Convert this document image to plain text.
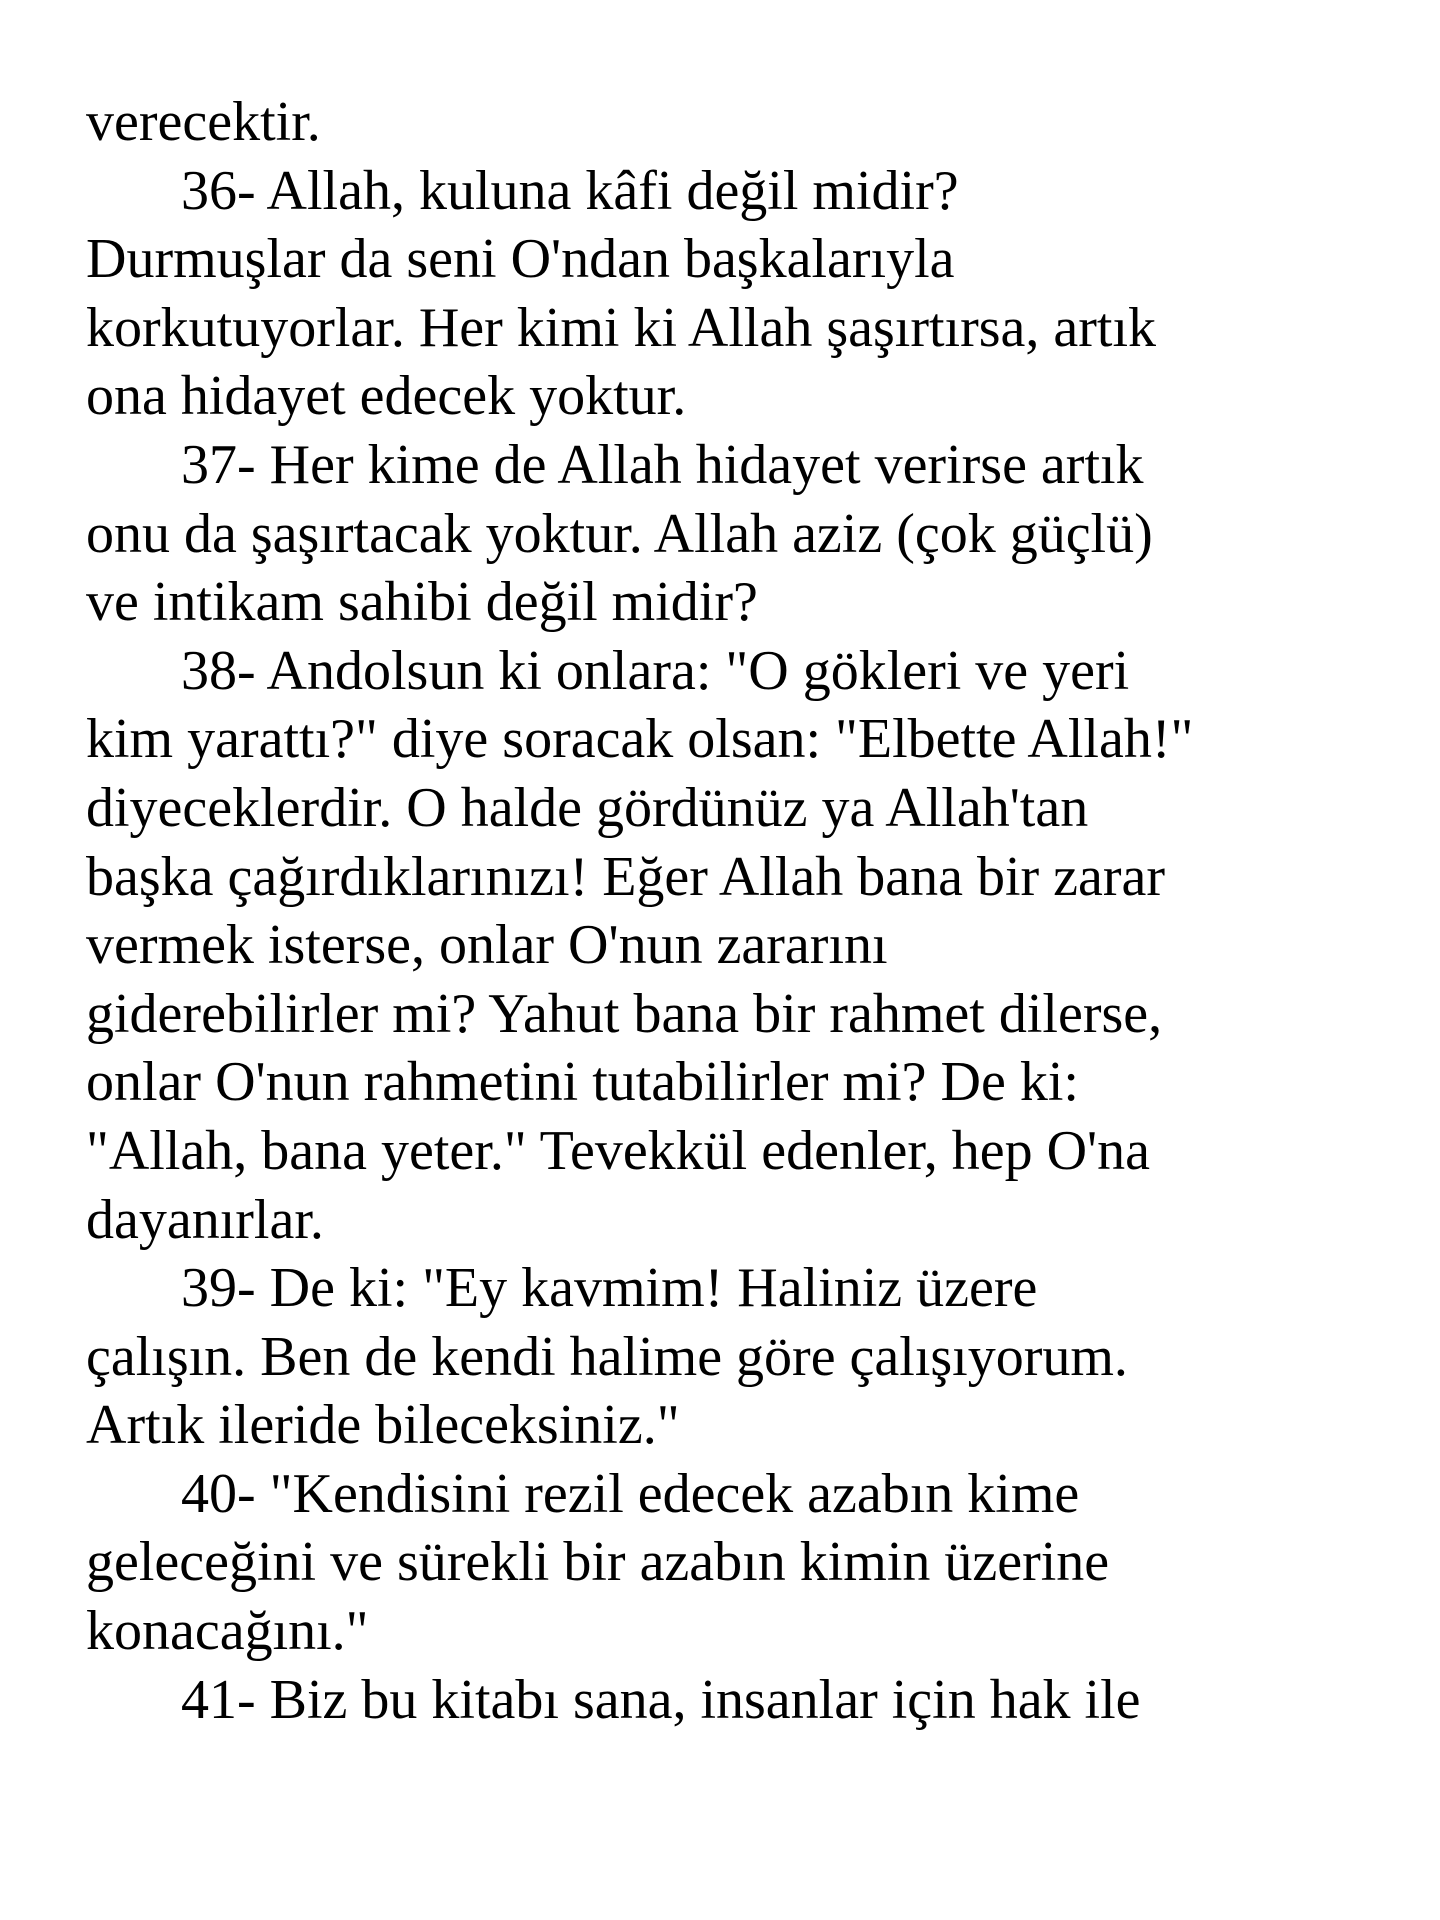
verecektir.
36- Allah, kuluna kâfi değil midir?
Durmuşlar da seni O'ndan başkalarıyla
korkutuyorlar. Her kimi ki Allah şaşırtırsa, artık
ona hidayet edecek yoktur.
37- Her kime de Allah hidayet verirse artık
onu da şaşırtacak yoktur. Allah aziz (çok güçlü)
ve intikam sahibi değil midir?
38- Andolsun ki onlara: "O gökleri ve yeri
kim yarattı?" diye soracak olsan: "Elbette Allah!"
diyeceklerdir. O halde gördünüz ya Allah'tan
başka çağırdıklarınızı! Eğer Allah bana bir zarar
vermek isterse, onlar O'nun zararını
giderebilirler mi? Yahut bana bir rahmet dilerse,
onlar O'nun rahmetini tutabilirler mi? De ki:
"Allah, bana yeter." Tevekkül edenler, hep O'na
dayanırlar.
39- De ki: "Ey kavmim! Haliniz üzere
çalışın. Ben de kendi halime göre çalışıyorum.
Artık ileride bileceksiniz."
40- "Kendisini rezil edecek azabın kime
geleceğini ve sürekli bir azabın kimin üzerine
konacağını."
41- Biz bu kitabı sana, insanlar için hak ile
